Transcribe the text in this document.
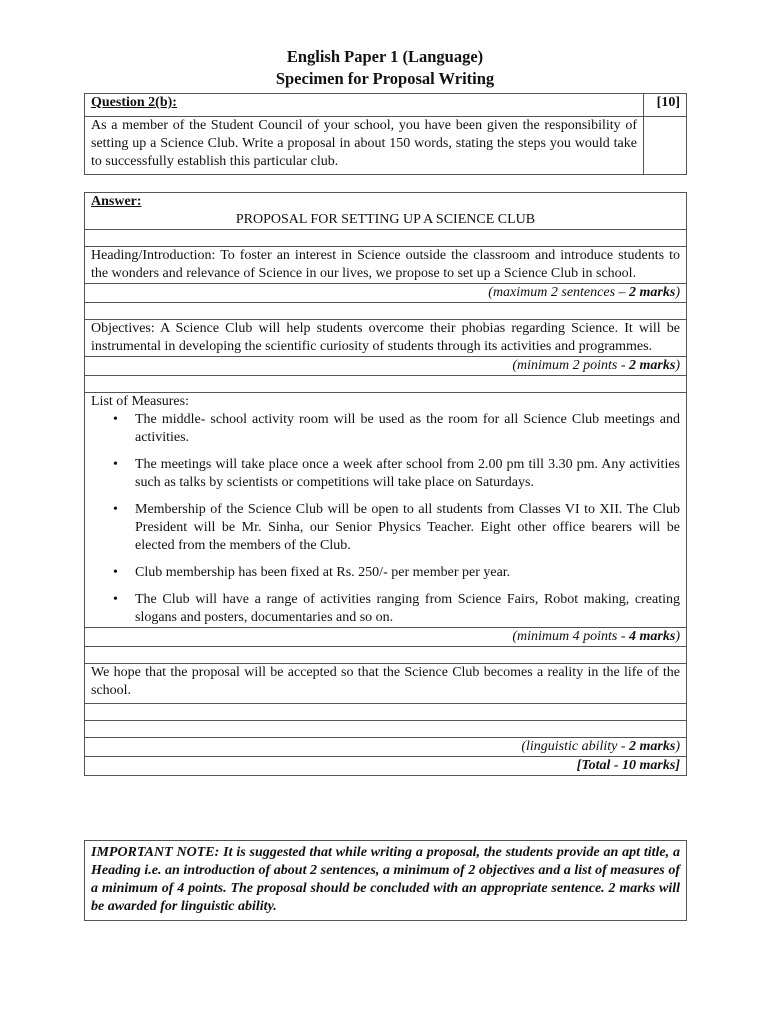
English Paper 1 (Language)
Specimen for Proposal Writing
Question 2(b):	[10]
As a member of the Student Council of your school, you have been given the responsibility of setting up a Science Club. Write a proposal in about 150 words, stating the steps you would take to successfully establish this particular club.	
Answer:
PROPOSAL FOR SETTING UP A SCIENCE CLUB

Heading/Introduction: To foster an interest in Science outside the classroom and introduce students to the wonders and relevance of Science in our lives, we propose to set up a Science Club in school.
(maximum 2 sentences – 2 marks)

Objectives: A Science Club will help students overcome their phobias regarding Science. It will be instrumental in developing the scientific curiosity of students through its activities and programmes.
(minimum 2 points - 2 marks)

List of Measures:
• The middle- school activity room will be used as the room for all Science Club meetings and activities.
• The meetings will take place once a week after school from 2.00 pm till 3.30 pm. Any activities such as talks by scientists or competitions will take place on Saturdays.
• Membership of the Science Club will be open to all students from Classes VI to XII. The Club President will be Mr. Sinha, our Senior Physics Teacher. Eight other office bearers will be elected from the members of the Club.
• Club membership has been fixed at Rs. 250/- per member per year.
• The Club will have a range of activities ranging from Science Fairs, Robot making, creating slogans and posters, documentaries and so on.

(minimum 4 points - 4 marks)

We hope that the proposal will be accepted so that the Science Club becomes a reality in the life of the school.

(linguistic ability - 2 marks)
[Total - 10 marks]
IMPORTANT NOTE: It is suggested that while writing a proposal, the students provide an apt title, a Heading i.e. an introduction of about 2 sentences, a minimum of 2 objectives and a list of measures of a minimum of 4 points. The proposal should be concluded with an appropriate sentence. 2 marks will be awarded for linguistic ability.
